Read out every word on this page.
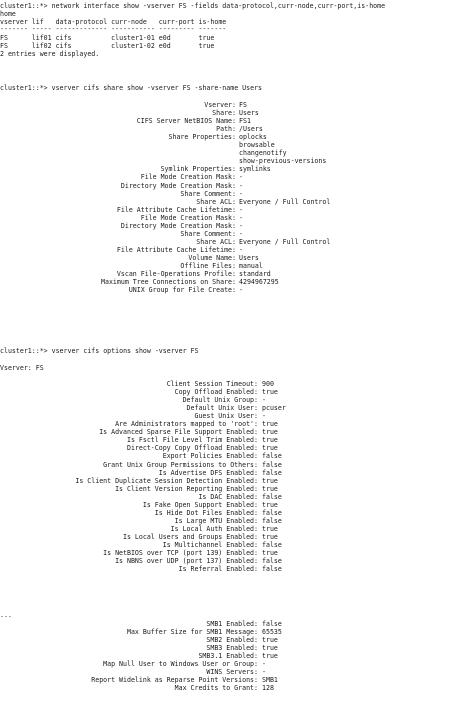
cluster1::*> network interface show -vserver FS -fields data-protocol,curr-node,curr-port,is-home
home
vserver lif   data-protocol curr-node   curr-port is-home
------- ----- ------------- ----------- --------- -------
FS      lif01 cifs          cluster1-01 e0d       true
FS      lif02 cifs          cluster1-02 e0d       true
2 entries were displayed.
cluster1::*> vserver cifs share show -vserver FS -share-name Users
Vserver: FS
Share: Users
CIFS Server NetBIOS Name: FS1
Path: /Users
Share Properties: oplocks
browsable
changenotify
show-previous-versions
Symlink Properties: symlinks
File Mode Creation Mask: -
Directory Mode Creation Mask: -
Share Comment: -
Share ACL: Everyone / Full Control
File Attribute Cache Lifetime: -
File Mode Creation Mask: -
Directory Mode Creation Mask: -
Share Comment: -
Share ACL: Everyone / Full Control
File Attribute Cache Lifetime: -
Volume Name: Users
Offline Files: manual
Vscan File-Operations Profile: standard
Maximum Tree Connections on Share: 4294967295
UNIX Group for File Create: -
cluster1::*> vserver cifs options show -vserver FS
Vserver: FS
Client Session Timeout: 900
Copy Offload Enabled: true
Default Unix Group: -
Default Unix User: pcuser
Guest Unix User: -
Are Administrators mapped to 'root': true
Is Advanced Sparse File Support Enabled: true
Is Fsctl File Level Trim Enabled: true
Direct-Copy Copy Offload Enabled: true
Export Policies Enabled: false
Grant Unix Group Permissions to Others: false
Is Advertise DFS Enabled: false
Is Client Duplicate Session Detection Enabled: true
Is Client Version Reporting Enabled: true
Is DAC Enabled: false
Is Fake Open Support Enabled: true
Is Hide Dot Files Enabled: false
Is Large MTU Enabled: false
Is Local Auth Enabled: true
Is Local Users and Groups Enabled: true
Is Multichannel Enabled: false
Is NetBIOS over TCP (port 139) Enabled: true
Is NBNS over UDP (port 137) Enabled: false
Is Referral Enabled: false
...
SMB1 Enabled: false
Max Buffer Size for SMB1 Message: 65535
SMB2 Enabled: true
SMB3 Enabled: true
SMB3.1 Enabled: true
Map Null User to Windows User or Group: -
WINS Servers: -
Report Widelink as Reparse Point Versions: SMB1
Max Credits to Grant: 128
